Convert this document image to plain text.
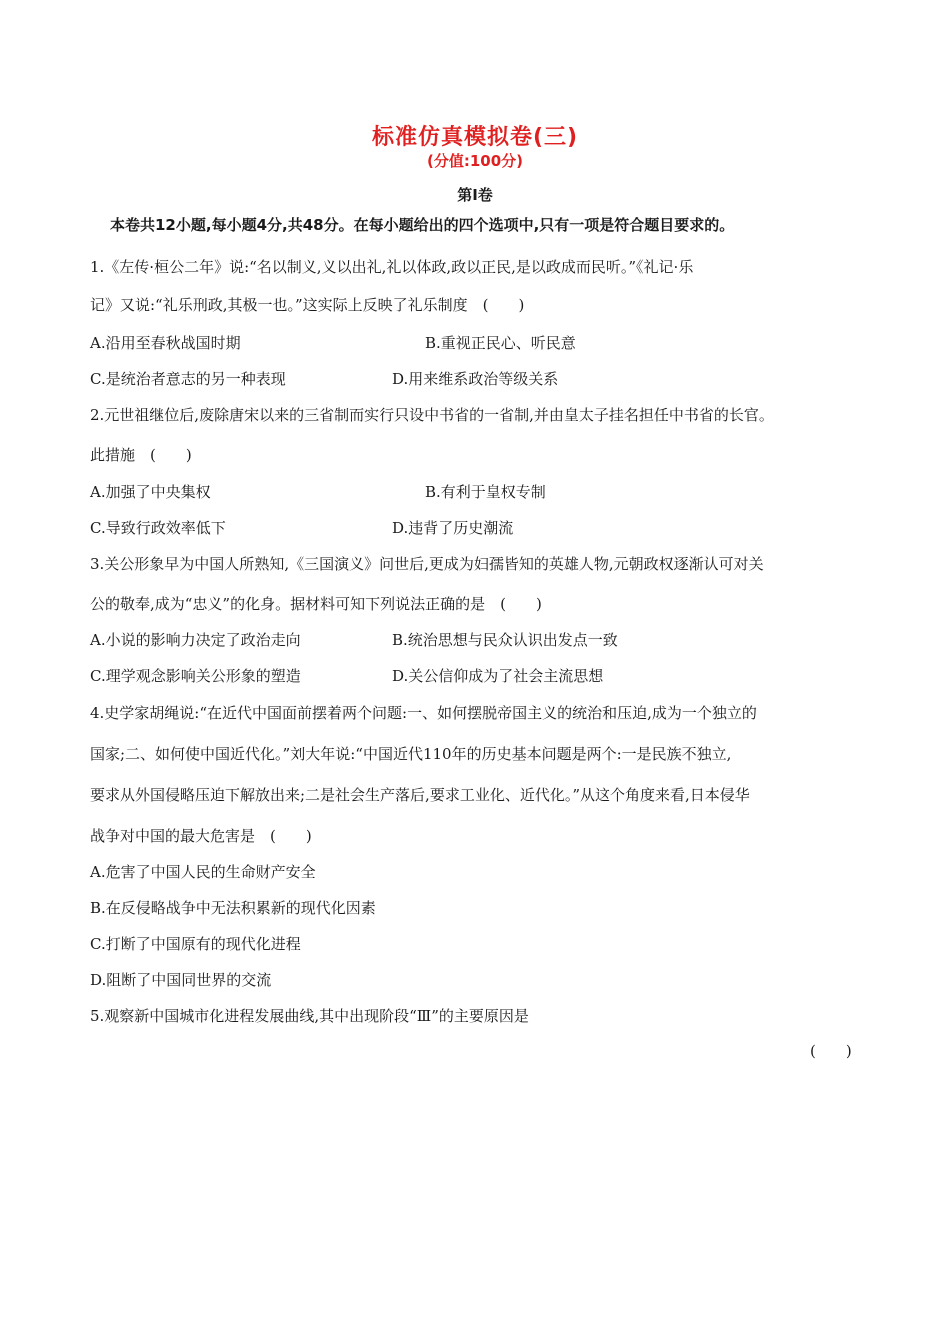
标准仿真模拟卷(三)
(分值:100分)
第Ⅰ卷
本卷共12小题,每小题4分,共48分。在每小题给出的四个选项中,只有一项是符合题目要求的。
1.《左传·桓公二年》说:“名以制义,义以出礼,礼以体政,政以正民,是以政成而民听。”《礼记·乐
记》又说:“礼乐刑政,其极一也。”这实际上反映了礼乐制度　(　　)
A.沿用至春秋战国时期	B.重视正民心、听民意
C.是统治者意志的另一种表现	D.用来维系政治等级关系
2.元世祖继位后,废除唐宋以来的三省制而实行只设中书省的一省制,并由皇太子挂名担任中书省的长官。
此措施　(　　)
A.加强了中央集权	B.有利于皇权专制
C.导致行政效率低下	D.违背了历史潮流
3.关公形象早为中国人所熟知,《三国演义》问世后,更成为妇孺皆知的英雄人物,元朝政权逐渐认可对关
公的敬奉,成为“忠义”的化身。据材料可知下列说法正确的是　(　　)
A.小说的影响力决定了政治走向	B.统治思想与民众认识出发点一致
C.理学观念影响关公形象的塑造	D.关公信仰成为了社会主流思想
4.史学家胡绳说:“在近代中国面前摆着两个问题:一、如何摆脱帝国主义的统治和压迫,成为一个独立的
国家;二、如何使中国近代化。”刘大年说:“中国近代110年的历史基本问题是两个:一是民族不独立,
要求从外国侵略压迫下解放出来;二是社会生产落后,要求工业化、近代化。”从这个角度来看,日本侵华
战争对中国的最大危害是　(　　)
A.危害了中国人民的生命财产安全
B.在反侵略战争中无法积累新的现代化因素
C.打断了中国原有的现代化进程
D.阻断了中国同世界的交流
5.观察新中国城市化进程发展曲线,其中出现阶段“Ⅲ”的主要原因是
(　　)
